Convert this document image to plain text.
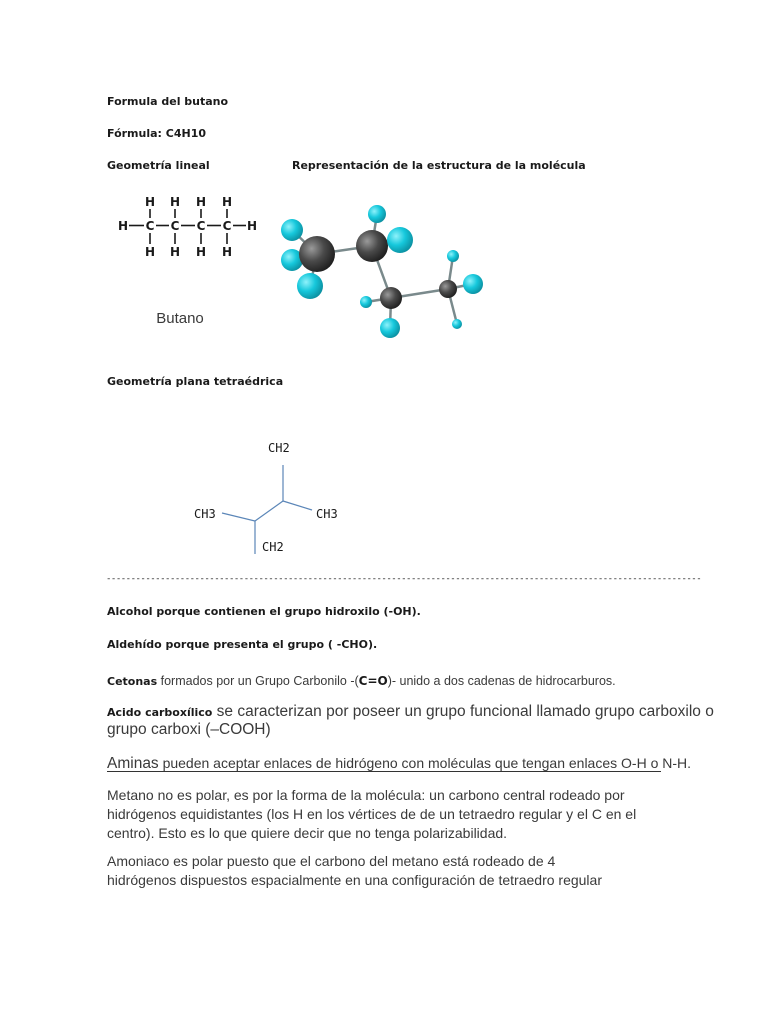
Formula del butano
Fórmula: C4H10
Geometría lineal	Representación de la estructura de la molécula
H H H H
H C C C C H
H H H H
Butano
Geometría plana tetraédrica
CH2
CH3	CH3
CH2
-------------------------------------------------------------------------------------------------------------------------
Alcohol porque contienen el grupo hidroxilo (-OH).
Aldehído porque presenta el grupo ( -CHO).
Cetonas formados por un Grupo Carbonilo -(C=O)- unido a dos cadenas de hidrocarburos.
Acido carboxílico se caracterizan por poseer un grupo funcional llamado grupo carboxilo o
grupo carboxi (–COOH)
Aminas pueden aceptar enlaces de hidrógeno con moléculas que tengan enlaces O-H o N-H.
Metano no es polar, es por la forma de la molécula: un carbono central rodeado por hidrógenos equidistantes (los H en los vértices de de un tetraedro regular y el C en el centro). Esto es lo que quiere decir que no tenga polarizabilidad.
Amoniaco es polar puesto que el carbono del metano está rodeado de 4 hidrógenos dispuestos espacialmente en una configuración de tetraedro regular
